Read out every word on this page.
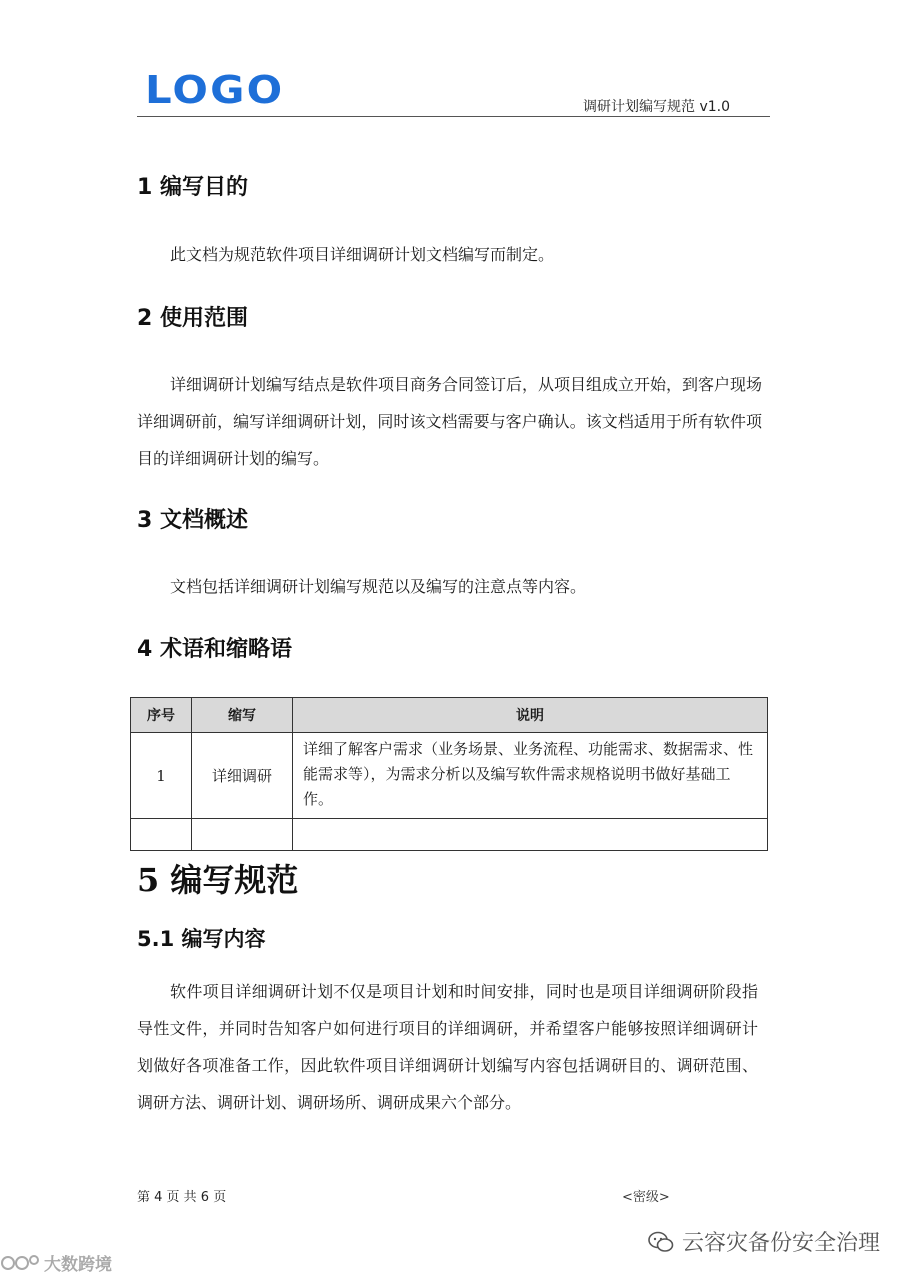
LOGO	调研计划编写规范 v1.0
1 编写目的
此文档为规范软件项目详细调研计划文档编写而制定。
2 使用范围
详细调研计划编写结点是软件项目商务合同签订后，从项目组成立开始，到客户现场详细调研前，编写详细调研计划，同时该文档需要与客户确认。该文档适用于所有软件项目的详细调研计划的编写。
3 文档概述
文档包括详细调研计划编写规范以及编写的注意点等内容。
4 术语和缩略语
序号	缩写	说明
1	详细调研	详细了解客户需求（业务场景、业务流程、功能需求、数据需求、性能需求等），为需求分析以及编写软件需求规格说明书做好基础工作。

5 编写规范
5.1 编写内容
软件项目详细调研计划不仅是项目计划和时间安排，同时也是项目详细调研阶段指导性文件，并同时告知客户如何进行项目的详细调研，并希望客户能够按照详细调研计划做好各项准备工作，因此软件项目详细调研计划编写内容包括调研目的、调研范围、调研方法、调研计划、调研场所、调研成果六个部分。
第 4 页 共 6 页	<密级>
云容灾备份安全治理
大数跨境
